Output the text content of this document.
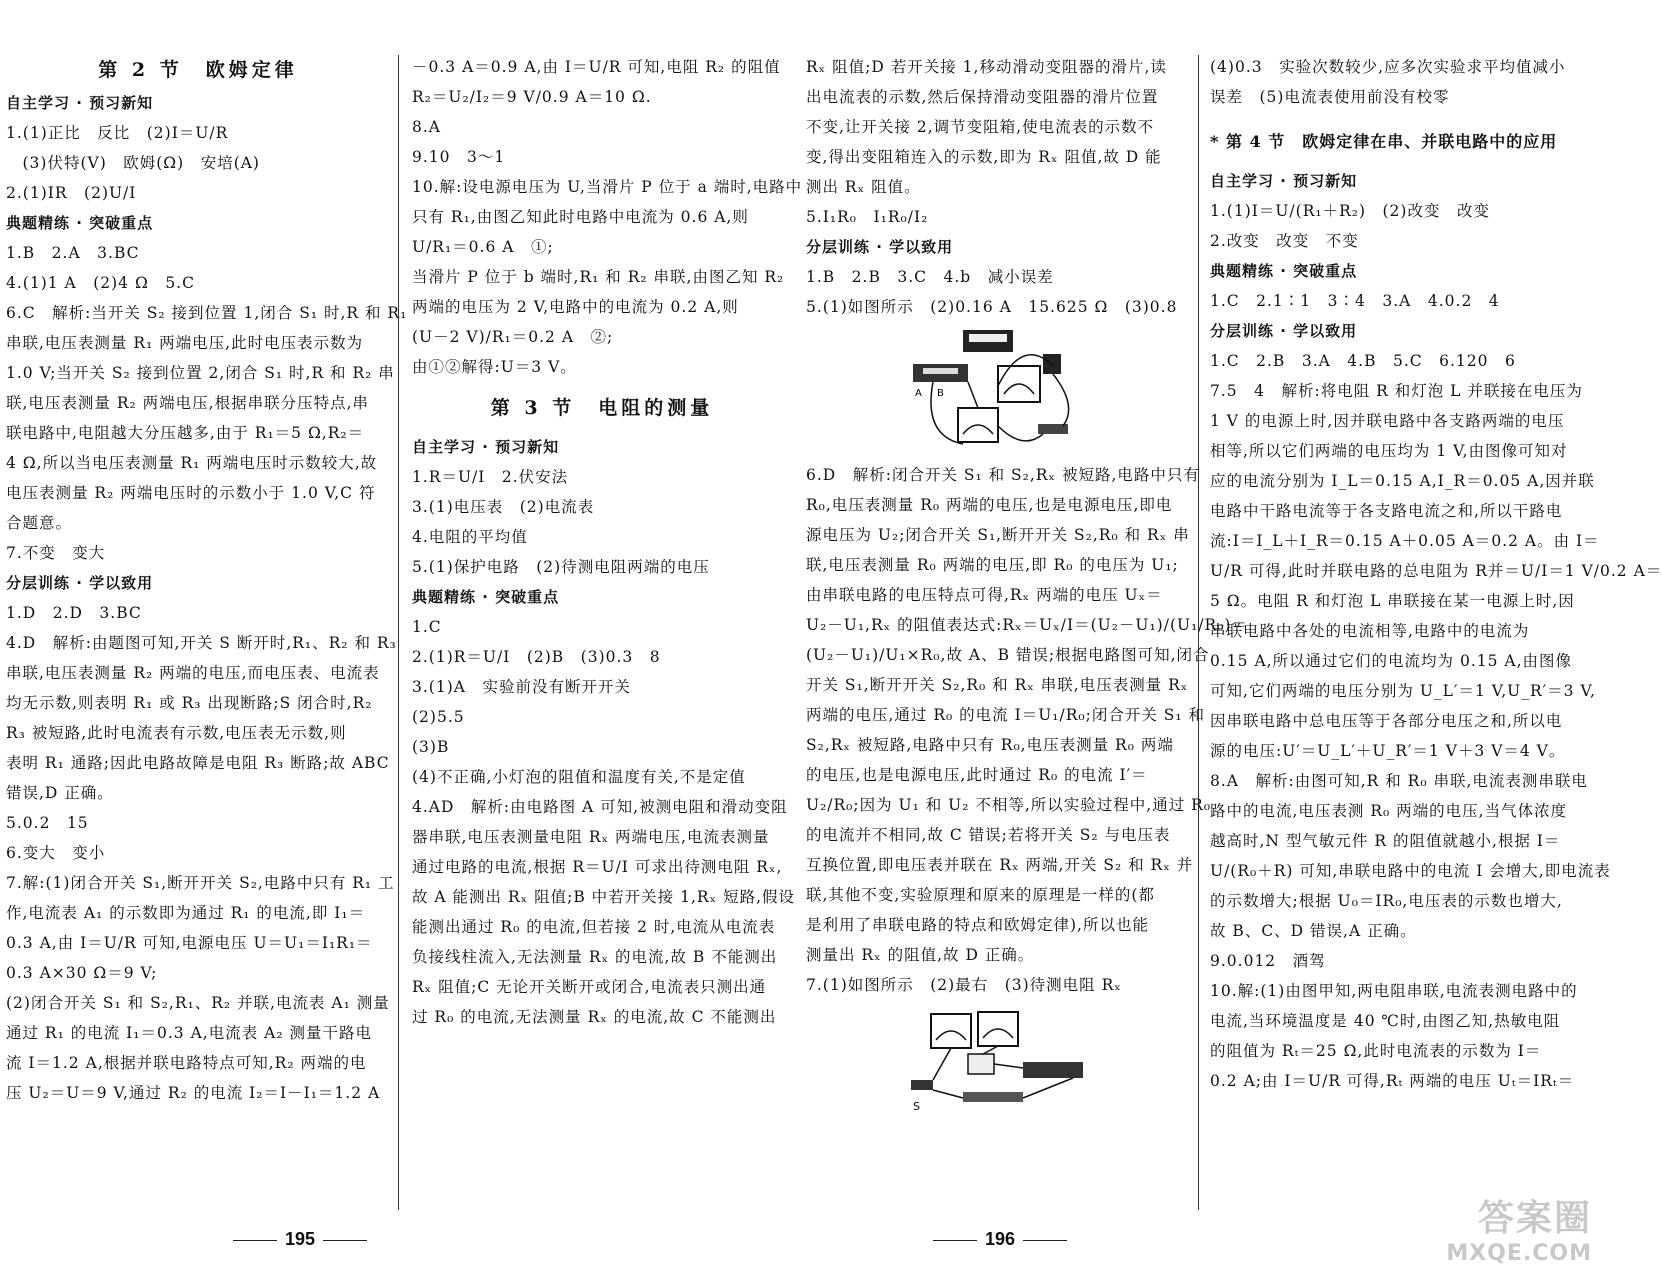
第 2 节　欧姆定律
自主学习 · 预习新知
1.(1)正比　反比　(2)I＝U/R
　(3)伏特(V)　欧姆(Ω)　安培(A)
2.(1)IR　(2)U/I
典题精练 · 突破重点
1.B　2.A　3.BC
4.(1)1 A　(2)4 Ω　5.C
6.C　解析:当开关 S₂ 接到位置 1,闭合 S₁ 时,R 和 R₁
串联,电压表测量 R₁ 两端电压,此时电压表示数为
1.0 V;当开关 S₂ 接到位置 2,闭合 S₁ 时,R 和 R₂ 串
联,电压表测量 R₂ 两端电压,根据串联分压特点,串
联电路中,电阻越大分压越多,由于 R₁＝5 Ω,R₂＝
4 Ω,所以当电压表测量 R₁ 两端电压时示数较大,故
电压表测量 R₂ 两端电压时的示数小于 1.0 V,C 符
合题意。
7.不变　变大
分层训练 · 学以致用
1.D　2.D　3.BC
4.D　解析:由题图可知,开关 S 断开时,R₁、R₂ 和 R₃
串联,电压表测量 R₂ 两端的电压,而电压表、电流表
均无示数,则表明 R₁ 或 R₃ 出现断路;S 闭合时,R₂
R₃ 被短路,此时电流表有示数,电压表无示数,则
表明 R₁ 通路;因此电路故障是电阻 R₃ 断路;故 ABC
错误,D 正确。
5.0.2　15
6.变大　变小
7.解:(1)闭合开关 S₁,断开开关 S₂,电路中只有 R₁ 工
作,电流表 A₁ 的示数即为通过 R₁ 的电流,即 I₁＝
0.3 A,由 I＝U/R 可知,电源电压 U＝U₁＝I₁R₁＝
0.3 A×30 Ω＝9 V;
(2)闭合开关 S₁ 和 S₂,R₁、R₂ 并联,电流表 A₁ 测量
通过 R₁ 的电流 I₁＝0.3 A,电流表 A₂ 测量干路电
流 I＝1.2 A,根据并联电路特点可知,R₂ 两端的电
压 U₂＝U＝9 V,通过 R₂ 的电流 I₂＝I－I₁＝1.2 A
－0.3 A＝0.9 A,由 I＝U/R 可知,电阻 R₂ 的阻值
R₂＝U₂/I₂＝9 V/0.9 A＝10 Ω.
8.A
9.10　3～1
10.解:设电源电压为 U,当滑片 P 位于 a 端时,电路中
只有 R₁,由图乙知此时电路中电流为 0.6 A,则
U/R₁＝0.6 A　①;
当滑片 P 位于 b 端时,R₁ 和 R₂ 串联,由图乙知 R₂
两端的电压为 2 V,电路中的电流为 0.2 A,则
(U－2 V)/R₁＝0.2 A　②;
由①②解得:U＝3 V。
第 3 节　电阻的测量
自主学习 · 预习新知
1.R＝U/I　2.伏安法
3.(1)电压表　(2)电流表
4.电阻的平均值
5.(1)保护电路　(2)待测电阻两端的电压
典题精练 · 突破重点
1.C
2.(1)R＝U/I　(2)B　(3)0.3　8
3.(1)A　实验前没有断开开关
(2)5.5
(3)B
(4)不正确,小灯泡的阻值和温度有关,不是定值
4.AD　解析:由电路图 A 可知,被测电阻和滑动变阻
器串联,电压表测量电阻 Rₓ 两端电压,电流表测量
通过电路的电流,根据 R＝U/I 可求出待测电阻 Rₓ,
故 A 能测出 Rₓ 阻值;B 中若开关接 1,Rₓ 短路,假设
能测出通过 R₀ 的电流,但若接 2 时,电流从电流表
负接线柱流入,无法测量 Rₓ 的电流,故 B 不能测出
Rₓ 阻值;C 无论开关断开或闭合,电流表只测出通
过 R₀ 的电流,无法测量 Rₓ 的电流,故 C 不能测出
195
Rₓ 阻值;D 若开关接 1,移动滑动变阻器的滑片,读
出电流表的示数,然后保持滑动变阻器的滑片位置
不变,让开关接 2,调节变阻箱,使电流表的示数不
变,得出变阻箱连入的示数,即为 Rₓ 阻值,故 D 能
测出 Rₓ 阻值。
5.I₁R₀　I₁R₀/I₂
分层训练 · 学以致用
1.B　2.B　3.C　4.b　减小误差
5.(1)如图所示　(2)0.16 A　15.625 Ω　(3)0.8
A B
6.D　解析:闭合开关 S₁ 和 S₂,Rₓ 被短路,电路中只有
R₀,电压表测量 R₀ 两端的电压,也是电源电压,即电
源电压为 U₂;闭合开关 S₁,断开开关 S₂,R₀ 和 Rₓ 串
联,电压表测量 R₀ 两端的电压,即 R₀ 的电压为 U₁;
由串联电路的电压特点可得,Rₓ 两端的电压 Uₓ＝
U₂－U₁,Rₓ 的阻值表达式:Rₓ＝Uₓ/I＝(U₂－U₁)/(U₁/R₀)＝
(U₂－U₁)/U₁×R₀,故 A、B 错误;根据电路图可知,闭合
开关 S₁,断开开关 S₂,R₀ 和 Rₓ 串联,电压表测量 Rₓ
两端的电压,通过 R₀ 的电流 I＝U₁/R₀;闭合开关 S₁ 和
S₂,Rₓ 被短路,电路中只有 R₀,电压表测量 R₀ 两端
的电压,也是电源电压,此时通过 R₀ 的电流 I′＝
U₂/R₀;因为 U₁ 和 U₂ 不相等,所以实验过程中,通过 R₀
的电流并不相同,故 C 错误;若将开关 S₂ 与电压表
互换位置,即电压表并联在 Rₓ 两端,开关 S₂ 和 Rₓ 并
联,其他不变,实验原理和原来的原理是一样的(都
是利用了串联电路的特点和欧姆定律),所以也能
测量出 Rₓ 的阻值,故 D 正确。
7.(1)如图所示　(2)最右　(3)待测电阻 Rₓ
S
(4)0.3　实验次数较少,应多次实验求平均值减小
误差　(5)电流表使用前没有校零
* 第 4 节　欧姆定律在串、并联电路中的应用
自主学习 · 预习新知
1.(1)I＝U/(R₁＋R₂)　(2)改变　改变
2.改变　改变　不变
典题精练 · 突破重点
1.C　2.1∶1　3∶4　3.A　4.0.2　4
分层训练 · 学以致用
1.C　2.B　3.A　4.B　5.C　6.120　6
7.5　4　解析:将电阻 R 和灯泡 L 并联接在电压为
1 V 的电源上时,因并联电路中各支路两端的电压
相等,所以它们两端的电压均为 1 V,由图像可知对
应的电流分别为 I_L＝0.15 A,I_R＝0.05 A,因并联
电路中干路电流等于各支路电流之和,所以干路电
流:I＝I_L＋I_R＝0.15 A＋0.05 A＝0.2 A。由 I＝
U/R 可得,此时并联电路的总电阻为 R并＝U/I＝1 V/0.2 A＝
5 Ω。电阻 R 和灯泡 L 串联接在某一电源上时,因
串联电路中各处的电流相等,电路中的电流为
0.15 A,所以通过它们的电流均为 0.15 A,由图像
可知,它们两端的电压分别为 U_L′＝1 V,U_R′＝3 V,
因串联电路中总电压等于各部分电压之和,所以电
源的电压:U′＝U_L′＋U_R′＝1 V＋3 V＝4 V。
8.A　解析:由图可知,R 和 R₀ 串联,电流表测串联电
路中的电流,电压表测 R₀ 两端的电压,当气体浓度
越高时,N 型气敏元件 R 的阻值就越小,根据 I＝
U/(R₀＋R) 可知,串联电路中的电流 I 会增大,即电流表
的示数增大;根据 U₀＝IR₀,电压表的示数也增大,
故 B、C、D 错误,A 正确。
9.0.012　酒驾
10.解:(1)由图甲知,两电阻串联,电流表测电路中的
电流,当环境温度是 40 ℃时,由图乙知,热敏电阻
的阻值为 Rₜ＝25 Ω,此时电流表的示数为 I＝
0.2 A;由 I＝U/R 可得,Rₜ 两端的电压 Uₜ＝IRₜ＝
196	答案圈
MXQE.COM
